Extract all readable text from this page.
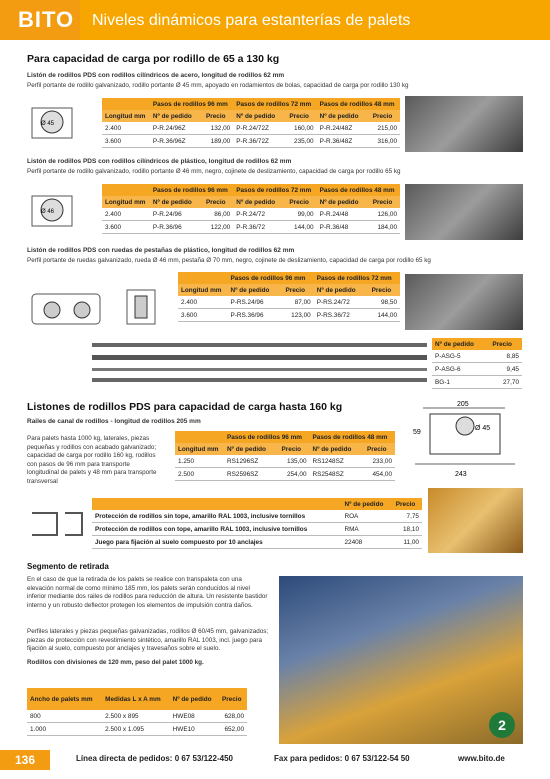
BITO	Niveles dinámicos para estanterías de palets
Para capacidad de carga por rodillo de 65 a 130 kg
Listón de rodillos PDS con rodillos cilíndricos de acero, longitud de rodillos 62 mm
Perfil portante de rodillo galvanizado, rodillo portante Ø 45 mm, apoyado en rodamientos de bolas, capacidad de carga por rodillo 130 kg
Ø 45
	Pasos de rodillos 96 mm		Pasos de rodillos 72 mm		Pasos de rodillos 48 mm	
Longitud mm	Nº de pedido	Precio	Nº de pedido	Precio	Nº de pedido	Precio
2.400	P-R.24/96Z	132,00	P-R.24/72Z	160,00	P-R.24/48Z	215,00
3.600	P-R.36/96Z	189,00	P-R.36/72Z	235,00	P-R.36/48Z	316,00
Listón de rodillos PDS con rodillos cilíndricos de plástico, longitud de rodillos 62 mm
Perfil portante de rodillo galvanizado, rodillo portante Ø 46 mm, negro, cojinete de deslizamiento, capacidad de carga por rodillo 65 kg
Ø 46
	Pasos de rodillos 96 mm		Pasos de rodillos 72 mm		Pasos de rodillos 48 mm	
Longitud mm	Nº de pedido	Precio	Nº de pedido	Precio	Nº de pedido	Precio
2.400	P-R.24/96	86,00	P-R.24/72	99,00	P-R.24/48	126,00
3.600	P-R.36/96	122,00	P-R.36/72	144,00	P-R.36/48	184,00
Listón de rodillos PDS con ruedas de pestañas de plástico, longitud de rodillos 62 mm
Perfil portante de ruedas galvanizado, rueda Ø 46 mm, pestaña Ø 70 mm, negro, cojinete de deslizamiento, capacidad de carga por rodillo 65 kg
	Pasos de rodillos 96 mm		Pasos de rodillos 72 mm	
Longitud mm	Nº de pedido	Precio	Nº de pedido	Precio
2.400	P-RS.24/96	87,00	P-RS.24/72	98,50
3.600	P-RS.36/96	123,00	P-RS.36/72	144,00
Nº de pedido	Precio
P-ASG-5	8,85
P-ASG-6	9,45
BG-1	27,70
Listones de rodillos PDS para capacidad de carga hasta 160 kg
Railes de canal de rodillos - longitud de rodillos 205 mm
Para palets hasta 1000 kg, laterales, piezas pequeñas y rodillos con acabado galvanizado; capacidad de carga por rodillo 160 kg, rodillos con pasos de 96 mm para transporte longitudinal de palets y 48 mm para transporte transversal
	Pasos de rodillos 96 mm		Pasos de rodillos 48 mm	
Longitud mm	Nº de pedido	Precio	Nº de pedido	Precio
1.250	RS1296SZ	135,00	RS1248SZ	233,00
2.500	RS2596SZ	254,00	RS2548SZ	454,00
205
59
Ø 45
243
	Nº de pedido	Precio
Protección de rodillos sin tope, amarillo RAL 1003, inclusive tornillos	ROA	7,75
Protección de rodillos con tope, amarillo RAL 1003, inclusive tornillos	RMA	18,10
Juego para fijación al suelo compuesto por 10 anclajes	22408	11,00
Segmento de retirada
En el caso de que la retirada de los palets se realice con transpaleta con una elevación normal de como mínimo 185 mm, los palets serán conducidos al nivel inferior mediante dos railes de rodillos para reducción de altura. Un resistente bastidor interno y un robusto deflector protegen los elementos de impulsión contra daños.
Perfiles laterales y piezas pequeñas galvanizadas, rodillos Ø 60/45 mm, galvanizados; piezas de protección con revestimiento sintético, amarillo RAL 1003, incl. juego para fijación al suelo, compuesto por anclajes y travesaños sobre el suelo.
Rodillos con divisiones de 120 mm, peso del palet 1000 kg.
Ancho de palets mm	Medidas L x A mm	Nº de pedido	Precio
800	2.500 x 895	HWE08	628,00
1.000	2.500 x 1.095	HWE10	652,00	2
136	Línea directa de pedidos: 0 67 53/122-450	Fax para pedidos: 0 67 53/122-54 50	www.bito.de
